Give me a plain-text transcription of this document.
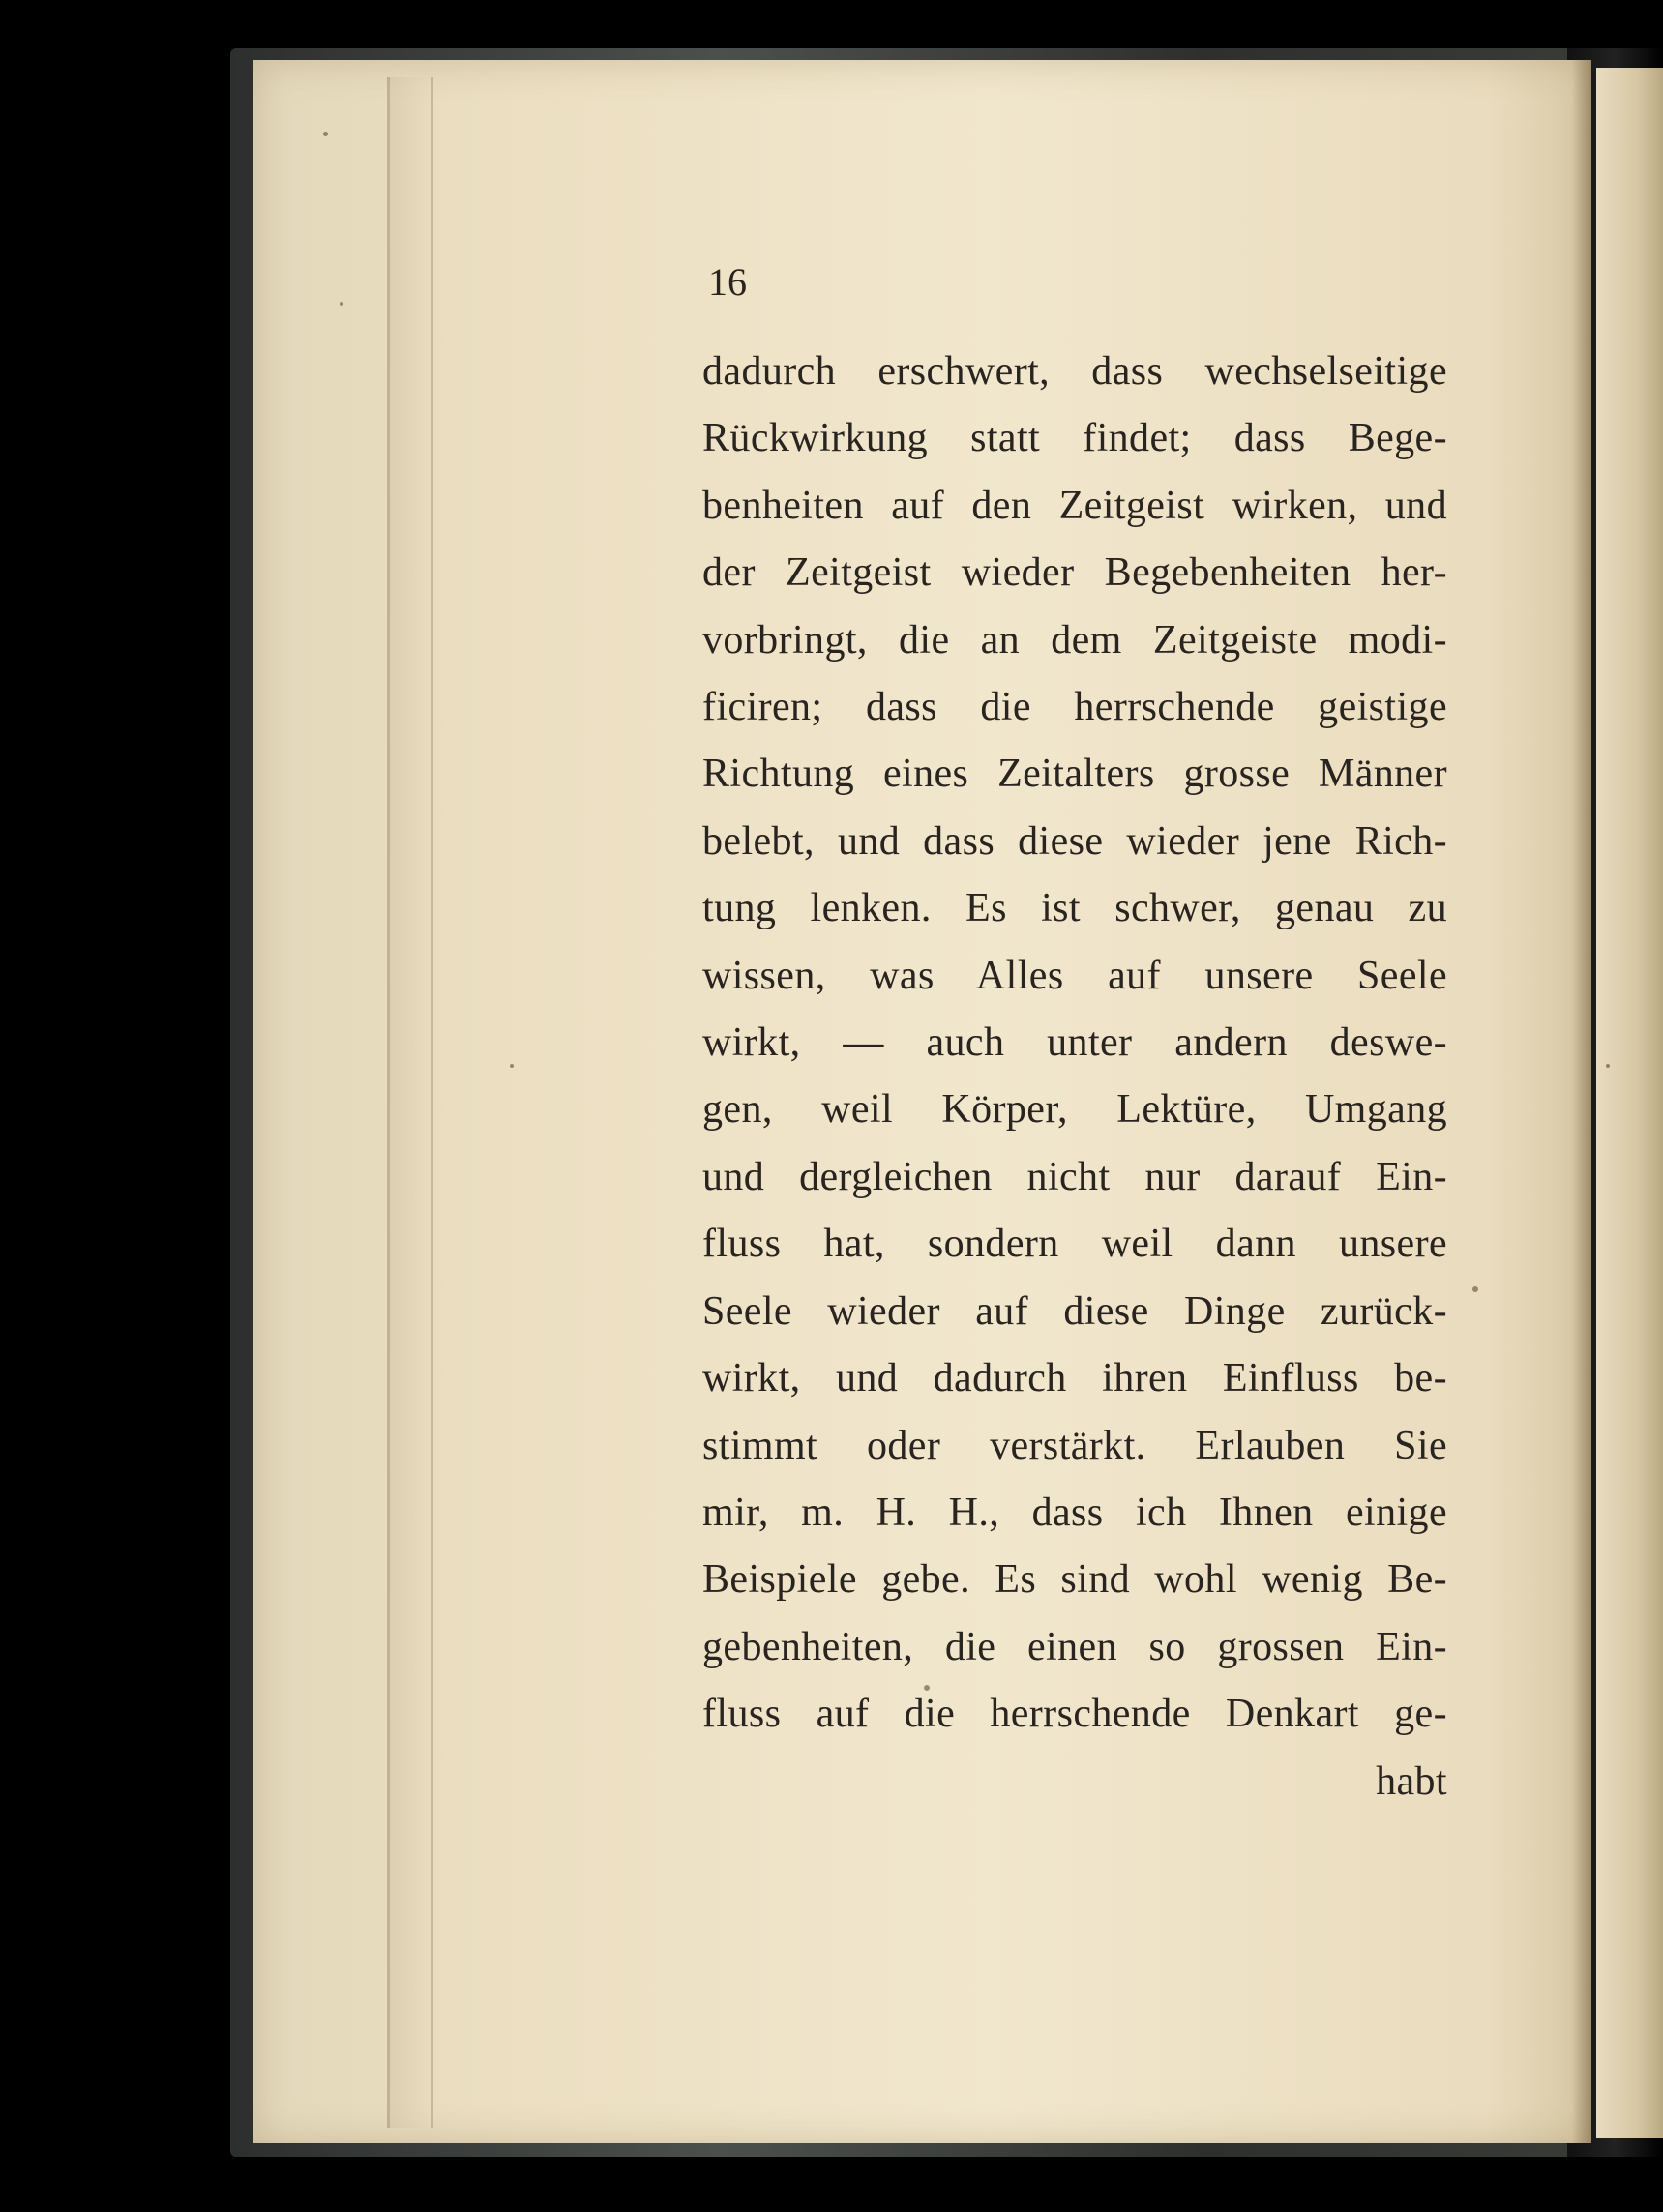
16
dadurch erschwert, dass wechselseitige
Rückwirkung statt findet; dass Bege-
benheiten auf den Zeitgeist wirken, und
der Zeitgeist wieder Begebenheiten her-
vorbringt, die an dem Zeitgeiste modi-
ficiren; dass die herrschende geistige
Richtung eines Zeitalters grosse Männer
belebt, und dass diese wieder jene Rich-
tung lenken. Es ist schwer, genau zu
wissen, was Alles auf unsere Seele
wirkt, — auch unter andern deswe-
gen, weil Körper, Lektüre, Umgang
und dergleichen nicht nur darauf Ein-
fluss hat, sondern weil dann unsere
Seele wieder auf diese Dinge zurück-
wirkt, und dadurch ihren Einfluss be-
stimmt oder verstärkt. Erlauben Sie
mir, m. H. H., dass ich Ihnen einige
Beispiele gebe. Es sind wohl wenig Be-
gebenheiten, die einen so grossen Ein-
fluss auf die herrschende Denkart ge-
habt
